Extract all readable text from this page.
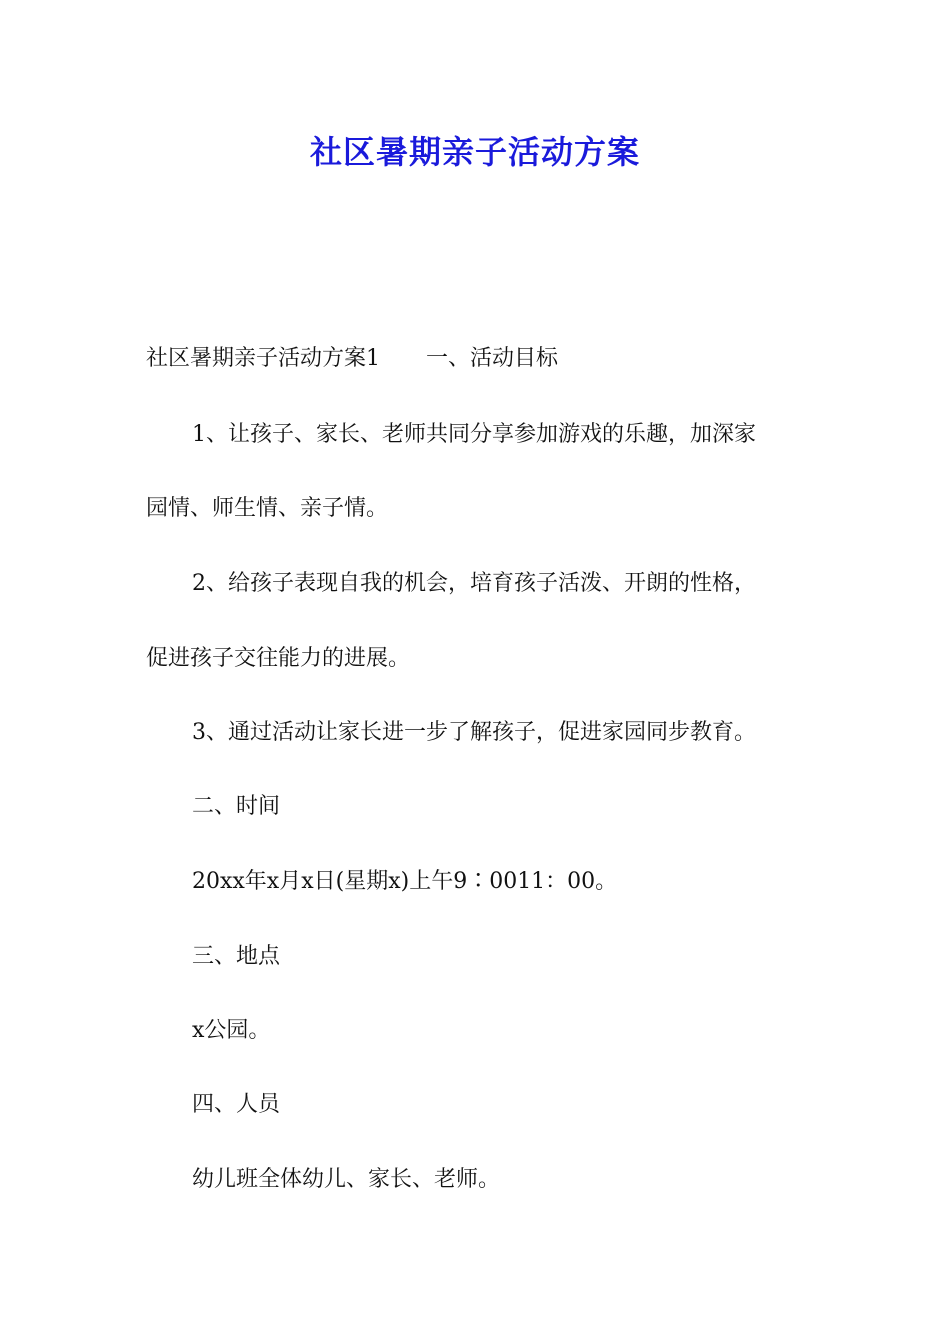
社区暑期亲子活动方案
社区暑期亲子活动方案1 一、活动目标
1、让孩子、家长、老师共同分享参加游戏的乐趣，加深家
园情、师生情、亲子情。
2、给孩子表现自我的机会，培育孩子活泼、开朗的性格，
促进孩子交往能力的进展。
3、通过活动让家长进一步了解孩子，促进家园同步教育。
二、时间
20xx年x月x日(星期x)上午9∶0011：00。
三、地点
x公园。
四、人员
幼儿班全体幼儿、家长、老师。
